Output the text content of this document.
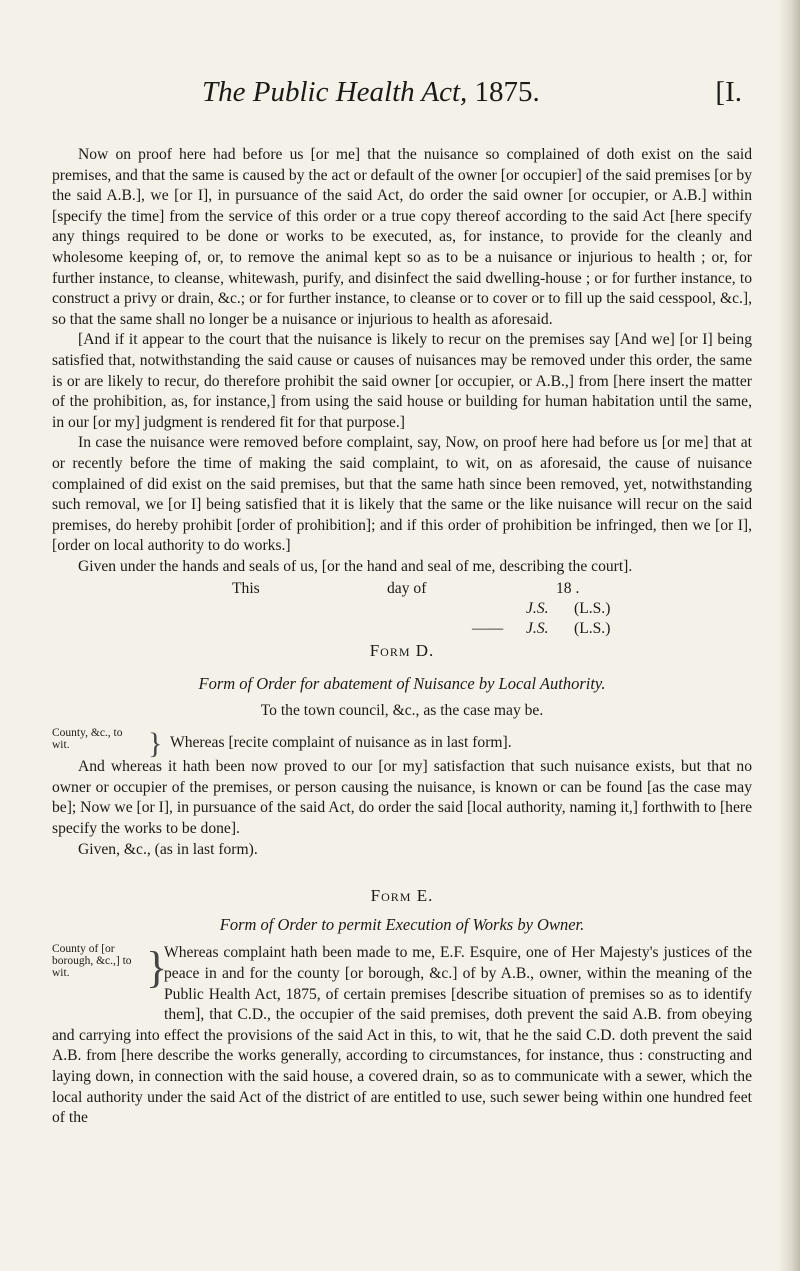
The Public Health Act, 1875.	[I.

Now on proof here had before us [or me] that the nuisance so complained of doth exist on the said premises, and that the same is caused by the act or default of the owner [or occupier] of the said premises [or by the said A.B.], we [or I], in pursuance of the said Act, do order the said owner [or occupier, or A.B.] within [specify the time] from the service of this order or a true copy thereof according to the said Act [here specify any things required to be done or works to be executed, as, for instance, to provide for the cleanly and wholesome keeping of, or, to remove the animal kept so as to be a nuisance or injurious to health ; or, for further instance, to cleanse, whitewash, purify, and disinfect the said dwelling-house ; or for further instance, to construct a privy or drain, &c.; or for further instance, to cleanse or to cover or to fill up the said cesspool, &c.], so that the same shall no longer be a nuisance or injurious to health as aforesaid.

[And if it appear to the court that the nuisance is likely to recur on the premises say [And we] [or I] being satisfied that, notwithstanding the said cause or causes of nuisances may be removed under this order, the same is or are likely to recur, do therefore prohibit the said owner [or occupier, or A.B.,] from [here insert the matter of the prohibition, as, for instance,] from using the said house or building for human habitation until the same, in our [or my] judgment is rendered fit for that purpose.]

In case the nuisance were removed before complaint, say, Now, on proof here had before us [or me] that at or recently before the time of making the said complaint, to wit, on as aforesaid, the cause of nuisance complained of did exist on the said premises, but that the same hath since been removed, yet, notwithstanding such removal, we [or I] being satisfied that it is likely that the same or the like nuisance will recur on the said premises, do hereby prohibit [order of prohibition]; and if this order of prohibition be infringed, then we [or I], [order on local authority to do works.]

Given under the hands and seals of us, [or the hand and seal of me, describing the court].

This	day of	18 .
J.S. (L.S.)
—— J.S. (L.S.)
Form D.
Form of Order for abatement of Nuisance by Local Authority.
To the town council, &c., as the case may be.
County, &c., to wit.	} Whereas [recite complaint of nuisance as in last form].

And whereas it hath been now proved to our [or my] satisfaction that such nuisance exists, but that no owner or occupier of the premises, or person causing the nuisance, is known or can be found [as the case may be]; Now we [or I], in pursuance of the said Act, do order the said [local authority, naming it,] forthwith to [here specify the works to be done].

Given, &c., (as in last form).

Form E.
Form of Order to permit Execution of Works by Owner.
County of [or borough, &c.,] to wit.	}

Whereas complaint hath been made to me, E.F. Esquire, one of Her Majesty's justices of the peace in and for the county [or borough, &c.] of by A.B., owner, within the meaning of the Public Health Act, 1875, of certain premises [describe situation of premises so as to identify them], that C.D., the occupier of the said premises, doth prevent the said A.B. from obeying and carrying into effect the provisions of the said Act in this, to wit, that he the said C.D. doth prevent the said A.B. from [here describe the works generally, according to circumstances, for instance, thus : constructing and laying down, in connection with the said house, a covered drain, so as to communicate with a sewer, which the local authority under the said Act of the district of are entitled to use, such sewer being within one hundred feet of the
